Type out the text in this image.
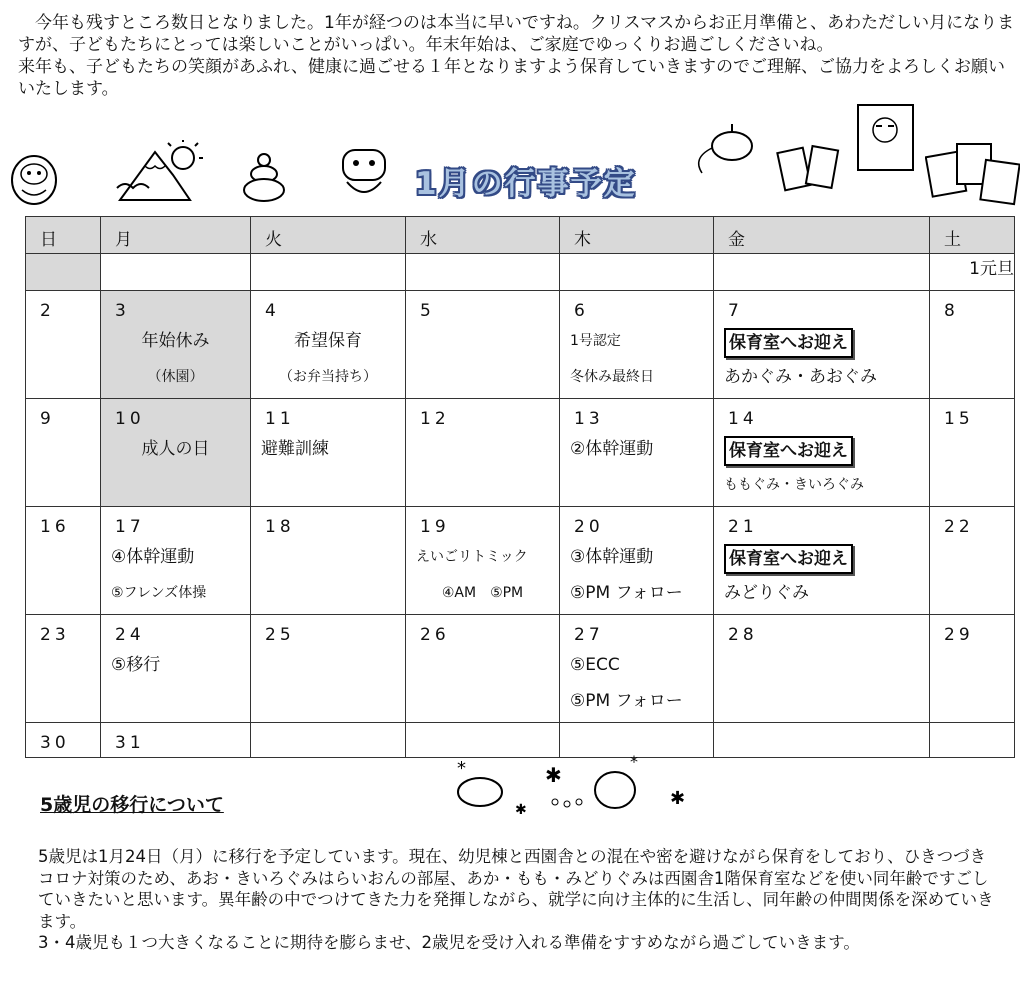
今年も残すところ数日となりました。1年が経つのは本当に早いですね。クリスマスからお正月準備と、あわただしい月になりますが、子どもたちにとっては楽しいことがいっぱい。年末年始は、ご家庭でゆっくりお過ごしくださいね。

来年も、子どもたちの笑顔があふれ、健康に過ごせる１年となりますよう保育していきますのでご理解、ご協力をよろしくお願いいたします。

1月の行事予定
日	月	火	水	木	金	土
						1元旦

2	3
年始休み
（休園）	4
希望保育
（お弁当持ち）	5	6
1号認定
冬休み最終日	7
保育室へお迎え
あかぐみ・あおぐみ	8

9	10
成人の日	11
避難訓練	12	13
②体幹運動	14
保育室へお迎え
ももぐみ・きいろぐみ	15

16	17
④体幹運動
⑤フレンズ体操	18	19
えいごリトミック
④AM　⑤PM	20
③体幹運動
⑤PM フォロー	21
保育室へお迎え
みどりぐみ	22

23	24
⑤移行	25	26	27
⑤ECC
⑤PM フォロー	28	29

30	31					

*
✱
✱
*
✱
5歳児の移行について

5歳児は1月24日（月）に移行を予定しています。現在、幼児棟と西園舎との混在や密を避けながら保育をしており、ひきつづきコロナ対策のため、あお・きいろぐみはらいおんの部屋、あか・もも・みどりぐみは西園舎1階保育室などを使い同年齢ですごしていきたいと思います。異年齢の中でつけてきた力を発揮しながら、就学に向け主体的に生活し、同年齢の仲間関係を深めていきます。

3・4歳児も１つ大きくなることに期待を膨らませ、2歳児を受け入れる準備をすすめながら過ごしていきます。
